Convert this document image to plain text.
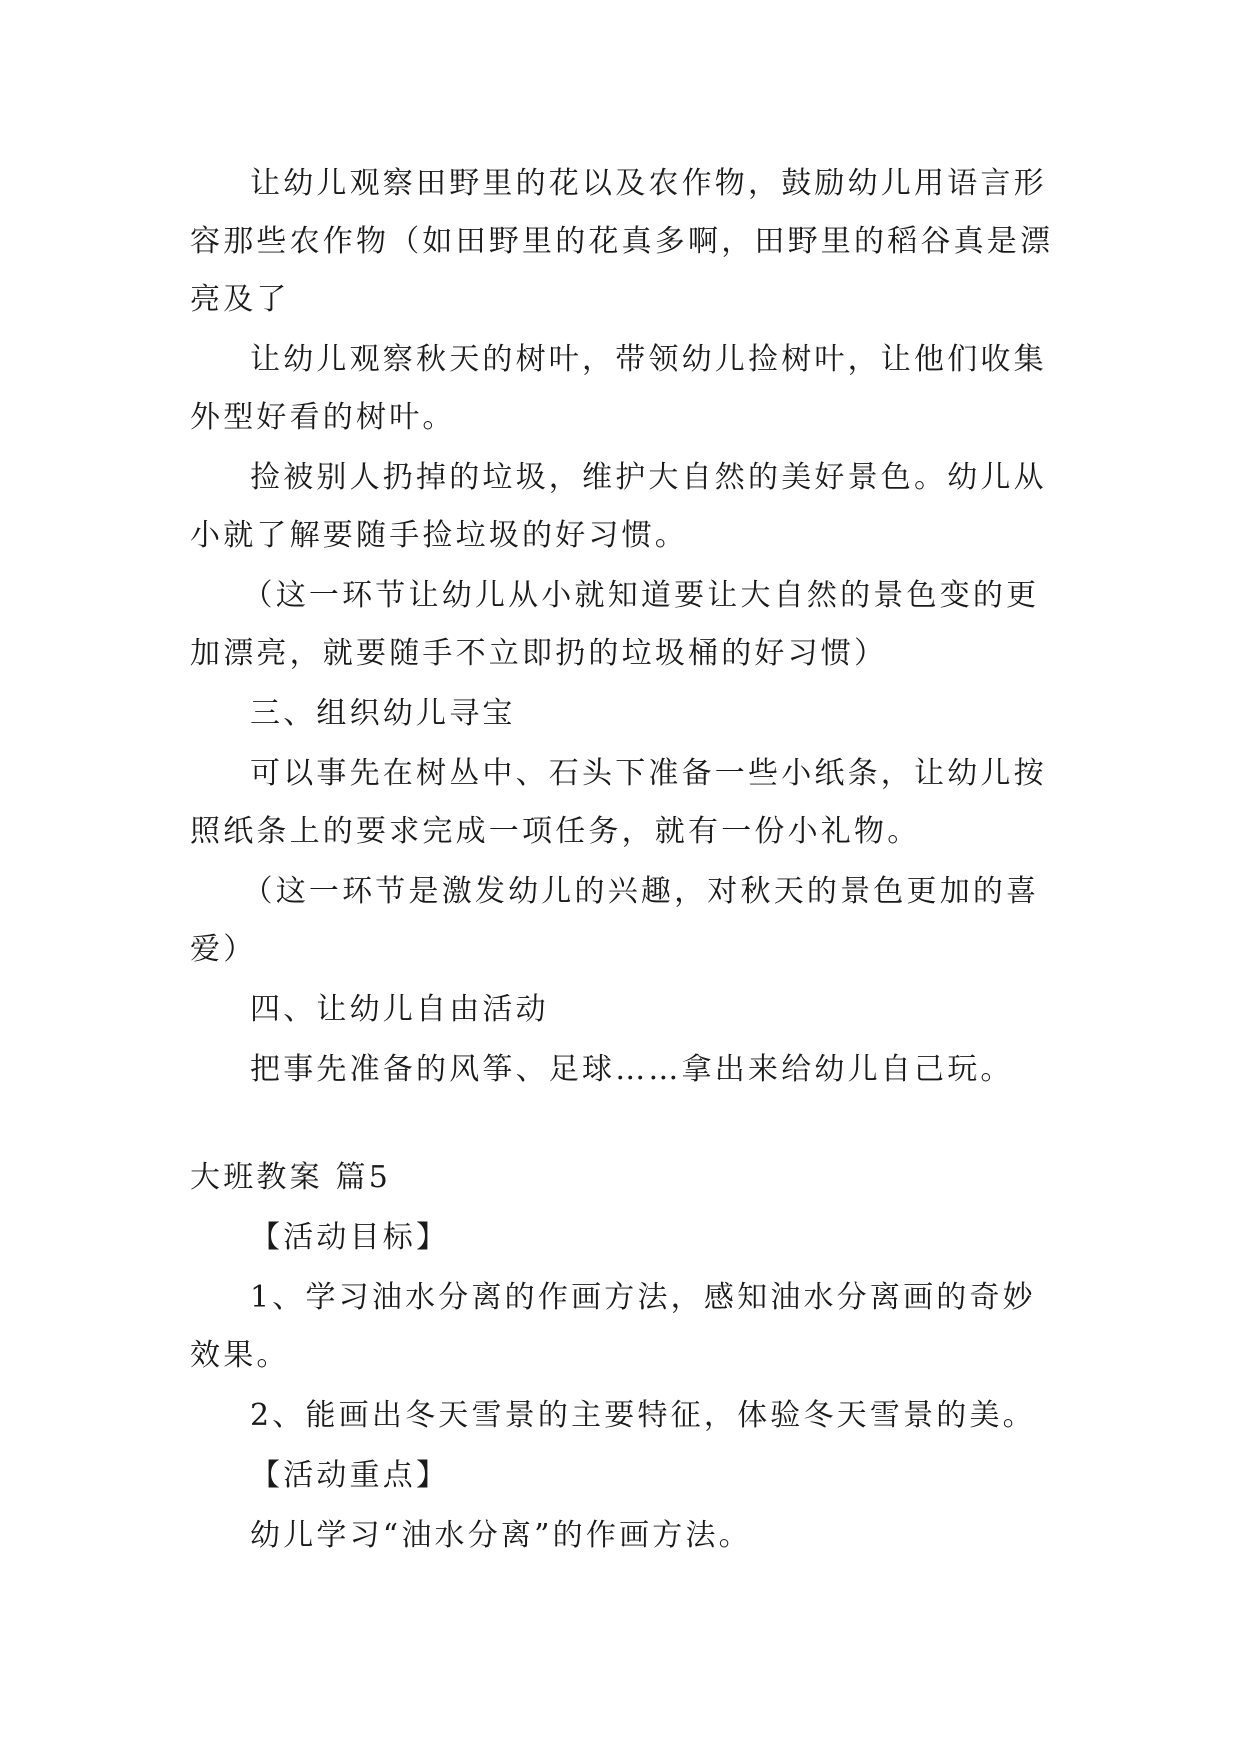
让幼儿观察田野里的花以及农作物，鼓励幼儿用语言形容那些农作物（如田野里的花真多啊，田野里的稻谷真是漂亮及了

让幼儿观察秋天的树叶，带领幼儿捡树叶，让他们收集外型好看的树叶。

捡被别人扔掉的垃圾，维护大自然的美好景色。幼儿从小就了解要随手捡垃圾的好习惯。

（这一环节让幼儿从小就知道要让大自然的景色变的更加漂亮，就要随手不立即扔的垃圾桶的好习惯）

三、组织幼儿寻宝

可以事先在树丛中、石头下准备一些小纸条，让幼儿按照纸条上的要求完成一项任务，就有一份小礼物。

（这一环节是激发幼儿的兴趣，对秋天的景色更加的喜爱）

四、让幼儿自由活动

把事先准备的风筝、足球……拿出来给幼儿自己玩。

大班教案 篇5

【活动目标】

1、学习油水分离的作画方法，感知油水分离画的奇妙效果。

2、能画出冬天雪景的主要特征，体验冬天雪景的美。

【活动重点】

幼儿学习“油水分离”的作画方法。
